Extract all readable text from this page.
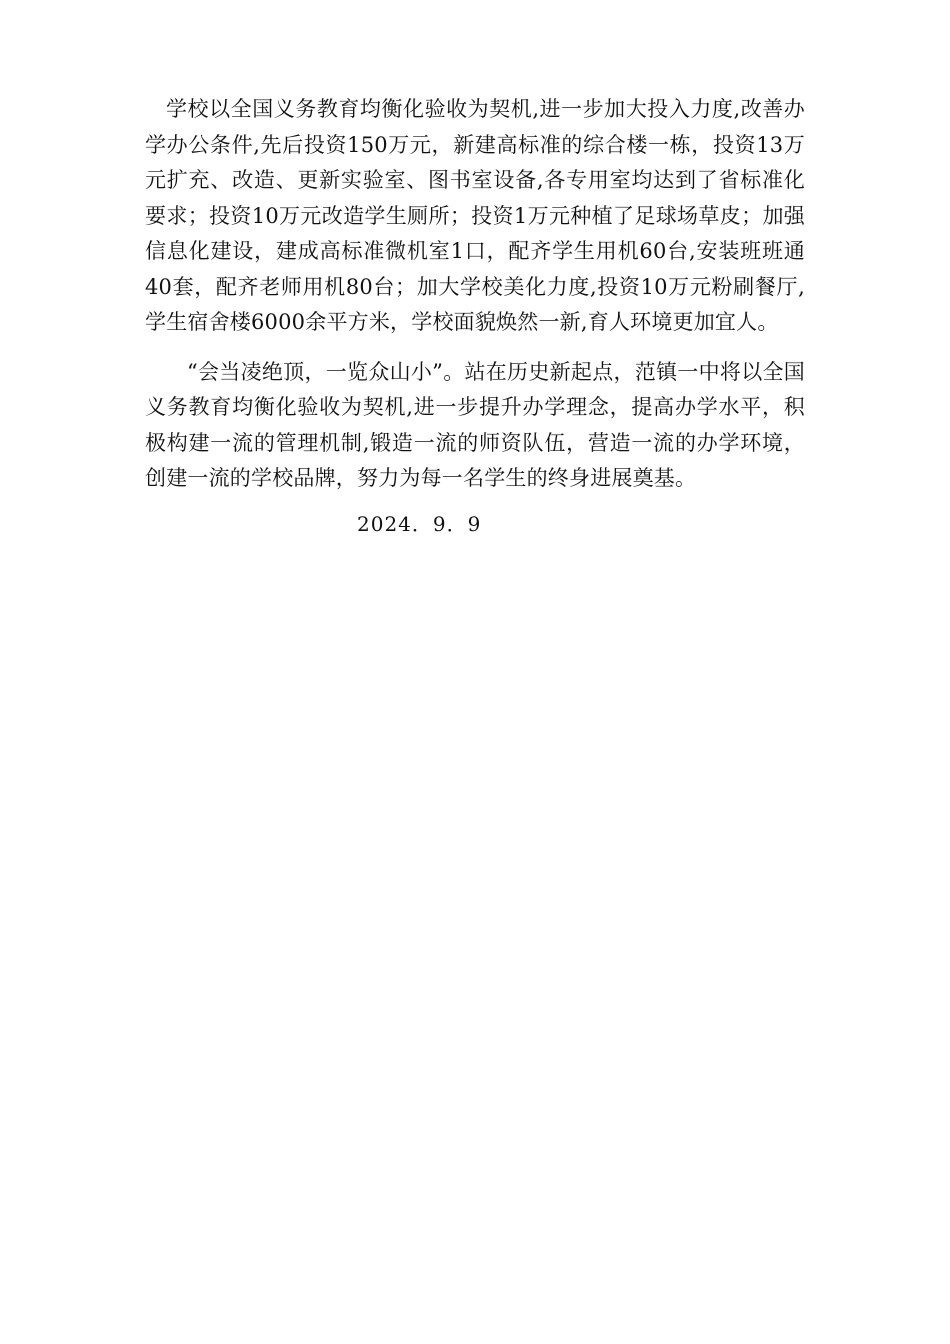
学校以全国义务教育均衡化验收为契机,进一步加大投入力度,改善办学办公条件,先后投资150万元，新建高标准的综合楼一栋，投资13万元扩充、改造、更新实验室、图书室设备,各专用室均达到了省标准化要求；投资10万元改造学生厕所；投资1万元种植了足球场草皮；加强信息化建设，建成高标准微机室1口，配齐学生用机60台,安装班班通40套，配齐老师用机80台；加大学校美化力度,投资10万元粉刷餐厅,学生宿舍楼6000余平方米，学校面貌焕然一新,育人环境更加宜人。

“会当凌绝顶，一览众山小”。站在历史新起点，范镇一中将以全国义务教育均衡化验收为契机,进一步提升办学理念，提高办学水平，积极构建一流的管理机制,锻造一流的师资队伍，营造一流的办学环境，创建一流的学校品牌，努力为每一名学生的终身进展奠基。

2024．9．9
